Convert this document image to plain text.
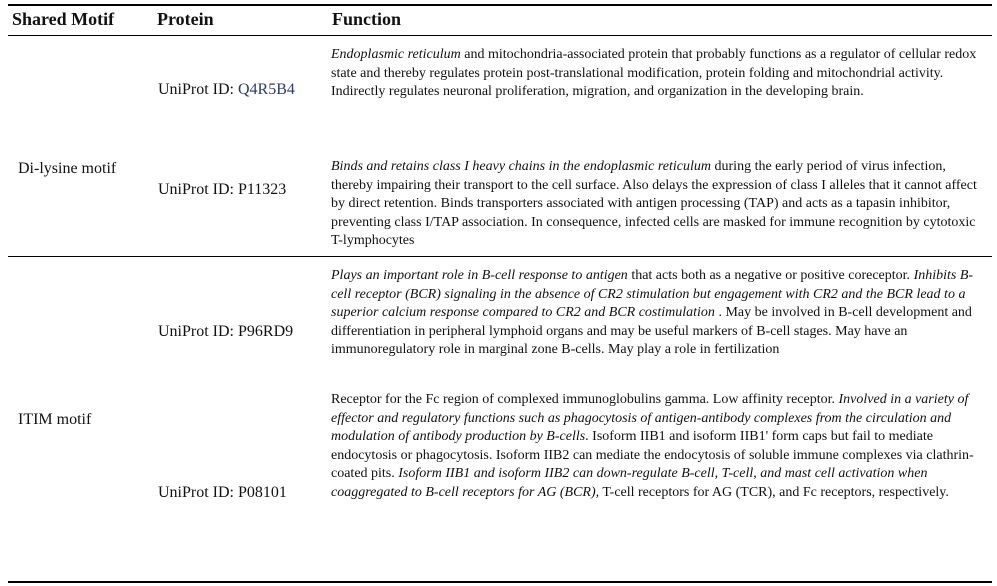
Shared Motif Protein	Function
Di-lysine motif
UniProt ID: Q4R5B4

Endoplasmic reticulum and mitochondria-associated protein that probably functions as a regulator of cellular redox state and thereby regulates protein post-translational modification, protein folding and mitochondrial activity. Indirectly regulates neuronal proliferation, migration, and organization in the developing brain.

UniProt ID: P11323

Binds and retains class I heavy chains in the endoplasmic reticulum during the early period of virus infection, thereby impairing their transport to the cell surface. Also delays the expression of class I alleles that it cannot affect by direct retention. Binds transporters associated with antigen processing (TAP) and acts as a tapasin inhibitor, preventing class I/TAP association. In consequence, infected cells are masked for immune recognition by cytotoxic T-lymphocytes

ITIM motif
UniProt ID: P96RD9

Plays an important role in B-cell response to antigen that acts both as a negative or positive coreceptor. Inhibits B-cell receptor (BCR) signaling in the absence of CR2 stimulation but engagement with CR2 and the BCR lead to a superior calcium response compared to CR2 and BCR costimulation . May be involved in B-cell development and differentiation in peripheral lymphoid organs and may be useful markers of B-cell stages. May have an immunoregulatory role in marginal zone B-cells. May play a role in fertilization

UniProt ID: P08101

Receptor for the Fc region of complexed immunoglobulins gamma. Low affinity receptor. Involved in a variety of effector and regulatory functions such as phagocytosis of antigen-antibody complexes from the circulation and modulation of antibody production by B-cells. Isoform IIB1 and isoform IIB1' form caps but fail to mediate endocytosis or phagocytosis. Isoform IIB2 can mediate the endocytosis of soluble immune complexes via clathrin-coated pits. Isoform IIB1 and isoform IIB2 can down-regulate B-cell, T-cell, and mast cell activation when coaggregated to B-cell receptors for AG (BCR), T-cell receptors for AG (TCR), and Fc receptors, respectively.
